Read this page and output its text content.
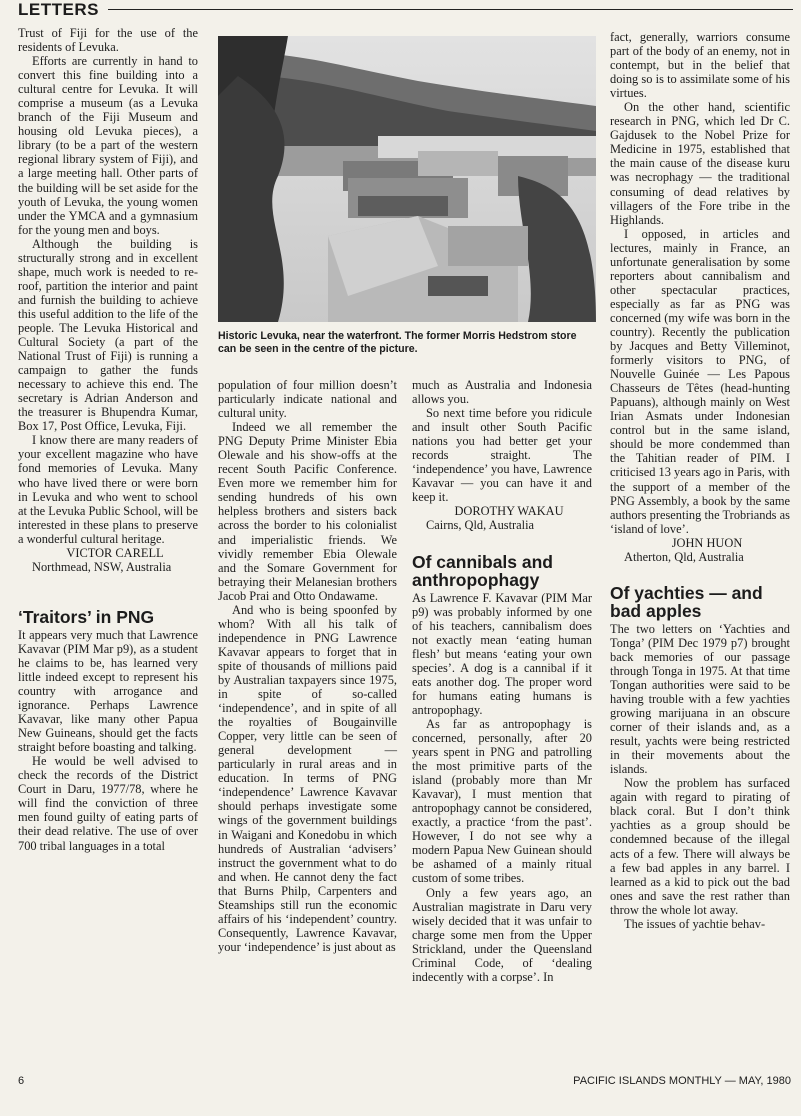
LETTERS

Trust of Fiji for the use of the residents of Levuka.

Efforts are currently in hand to convert this fine building into a cultural centre for Levuka. It will comprise a museum (as a Levuka branch of the Fiji Museum and housing old Levuka pieces), a library (to be a part of the western regional library system of Fiji), and a large meeting hall. Other parts of the building will be set aside for the youth of Levuka, the young women under the YMCA and a gymnasium for the young men and boys.

Although the building is structurally strong and in excellent shape, much work is needed to re-roof, partition the interior and paint and furnish the building to achieve this useful addition to the life of the people. The Levuka Historical and Cultural Society (a part of the National Trust of Fiji) is running a campaign to gather the funds necessary to achieve this end. The secretary is Adrian Anderson and the treasurer is Bhupendra Kumar, Box 17, Post Office, Levuka, Fiji.

I know there are many readers of your excellent magazine who have fond memories of Levuka. Many who have lived there or were born in Levuka and who went to school at the Levuka Public School, will be interested in these plans to preserve a wonderful cultural heritage.

VICTOR CARELL

Northmead, NSW, Australia

‘Traitors’ in PNG

It appears very much that Lawrence Kavavar (PIM Mar p9), as a student he claims to be, has learned very little indeed except to represent his country with arrogance and ignorance. Perhaps Lawrence Kavavar, like many other Papua New Guineans, should get the facts straight before boasting and talking.

He would be well advised to check the records of the District Court in Daru, 1977/78, where he will find the conviction of three men found guilty of eating parts of their dead relative. The use of over 700 tribal languages in a total

Historic Levuka, near the waterfront. The former Morris Hedstrom store can be seen in the centre of the picture.

population of four million doesn’t particularly indicate national and cultural unity.

Indeed we all remember the PNG Deputy Prime Minister Ebia Olewale and his show-offs at the recent South Pacific Conference. Even more we remember him for sending hundreds of his own helpless brothers and sisters back across the border to his colonialist and imperialistic friends. We vividly remember Ebia Olewale and the Somare Government for betraying their Melanesian brothers Jacob Prai and Otto Ondawame.

And who is being spoonfed by whom? With all his talk of independence in PNG Lawrence Kavavar appears to forget that in spite of thousands of millions paid by Australian taxpayers since 1975, in spite of so-called ‘independence’, and in spite of all the royalties of Bougainville Copper, very little can be seen of general development — particularly in rural areas and in education. In terms of PNG ‘independence’ Lawrence Kavavar should perhaps investigate some wings of the government buildings in Waigani and Konedobu in which hundreds of Australian ‘advisers’ instruct the government what to do and when. He cannot deny the fact that Burns Philp, Carpenters and Steamships still run the economic affairs of his ‘independent’ country. Consequently, Lawrence Kavavar, your ‘independence’ is just about as

much as Australia and Indonesia allows you.

So next time before you ridicule and insult other South Pacific nations you had better get your records straight. The ‘independence’ you have, Lawrence Kavavar — you can have it and keep it.

DOROTHY WAKAU

Cairns, Qld, Australia

Of cannibals and anthropophagy

As Lawrence F. Kavavar (PIM Mar p9) was probably informed by one of his teachers, cannibalism does not exactly mean ‘eating human flesh’ but means ‘eating your own species’. A dog is a cannibal if it eats another dog. The proper word for humans eating humans is antropophagy.

As far as antropophagy is concerned, personally, after 20 years spent in PNG and patrolling the most primitive parts of the island (probably more than Mr Kavavar), I must mention that antropophagy cannot be considered, exactly, a practice ‘from the past’. However, I do not see why a modern Papua New Guinean should be ashamed of a mainly ritual custom of some tribes.

Only a few years ago, an Australian magistrate in Daru very wisely decided that it was unfair to charge some men from the Upper Strickland, under the Queensland Criminal Code, of ‘dealing indecently with a corpse’. In

fact, generally, warriors consume part of the body of an enemy, not in contempt, but in the belief that doing so is to assimilate some of his virtues.

On the other hand, scientific research in PNG, which led Dr C. Gajdusek to the Nobel Prize for Medicine in 1975, established that the main cause of the disease kuru was necrophagy — the traditional consuming of dead relatives by villagers of the Fore tribe in the Highlands.

I opposed, in articles and lectures, mainly in France, an unfortunate generalisation by some reporters about cannibalism and other spectacular practices, especially as far as PNG was concerned (my wife was born in the country). Recently the publication by Jacques and Betty Villeminot, formerly visitors to PNG, of Nouvelle Guinée — Les Papous Chasseurs de Têtes (head-hunting Papuans), although mainly on West Irian Asmats under Indonesian control but in the same island, should be more condemmed than the Tahitian reader of PIM. I criticised 13 years ago in Paris, with the support of a member of the PNG Assembly, a book by the same authors presenting the Trobriands as ‘island of love’.

JOHN HUON

Atherton, Qld, Australia

Of yachties — and bad apples

The two letters on ‘Yachties and Tonga’ (PIM Dec 1979 p7) brought back memories of our passage through Tonga in 1975. At that time Tongan authorities were said to be having trouble with a few yachties growing marijuana in an obscure corner of their islands and, as a result, yachts were being restricted in their movements about the islands.

Now the problem has surfaced again with regard to pirating of black coral. But I don’t think yachties as a group should be condemned because of the illegal acts of a few. There will always be a few bad apples in any barrel. I learned as a kid to pick out the bad ones and save the rest rather than throw the whole lot away.

The issues of yachtie behav-

6	PACIFIC ISLANDS MONTHLY — MAY, 1980
